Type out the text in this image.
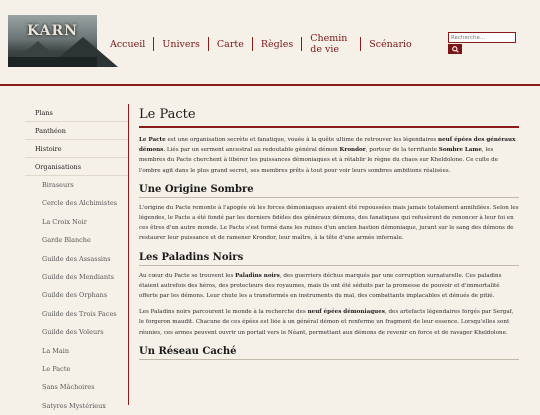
KARN
Accueil	Univers	Carte	Règles	Chemin de vie	Scénario
Recherche...
Plans
Panthéon
Histoire
Organisations
Biraseurs
Cercle des Alchimistes
La Croix Noir
Garde Blanche
Guilde des Assassins
Guilde des Mendiants
Guilde des Orphans
Guilde des Trois Faces
Guilde des Voleurs
La Main
Le Pacte
Sans Mâchoires
Satyres Mystérieux
Le Pacte
Le Pacte est une organisation secrète et fanatique, vouée à la quête ultime de retrouver les légendaires neuf épées des généraux démons. Liés par un serment ancestral au redoutable général démon Krondor, porteur de la terrifiante Sombre Lame, les membres du Pacte cherchent à libérer les puissances démoniaques et à rétablir le règne du chaos sur Kheldolone. Ce culte de l'ombre agit dans le plus grand secret, ses membres prêts à tout pour voir leurs sombres ambitions réalisées.
Une Origine Sombre
L'origine du Pacte remonte à l'apogée où les forces démoniaques avaient été repoussées mais jamais totalement annihilées. Selon les légendes, le Pacte a été fondé par les derniers fidèles des généraux démons, des fanatiques qui refusèrent de renoncer à leur foi en ces êtres d'un autre monde. Le Pacte s'est formé dans les ruines d'un ancien bastion démoniaque, jurant sur le sang des démons de restaurer leur puissance et de ramener Krondor, leur maître, à la tête d'une armée infernale.
Les Paladins Noirs
Au cœur du Pacte se trouvent les Paladins noirs, des guerriers déchus marqués par une corruption surnaturelle. Ces paladins étaient autrefois des héros, des protecteurs des royaumes, mais ils ont été séduits par la promesse de pouvoir et d'immortalité offerte par les démons. Leur chute les a transformés en instruments du mal, des combattants implacables et dénués de pitié.
Les Paladins noirs parcourent le monde à la recherche des neuf épées démoniaques, des artefacts légendaires forgés par Sergaf, le forgeron maudit. Chacune de ces épées est liée à un général démon et renferme un fragment de leur essence. Lorsqu'elles sont réunies, ces armes peuvent ouvrir un portail vers le Néant, permettant aux démons de revenir en force et de ravager Kheldolone.
Un Réseau Caché
